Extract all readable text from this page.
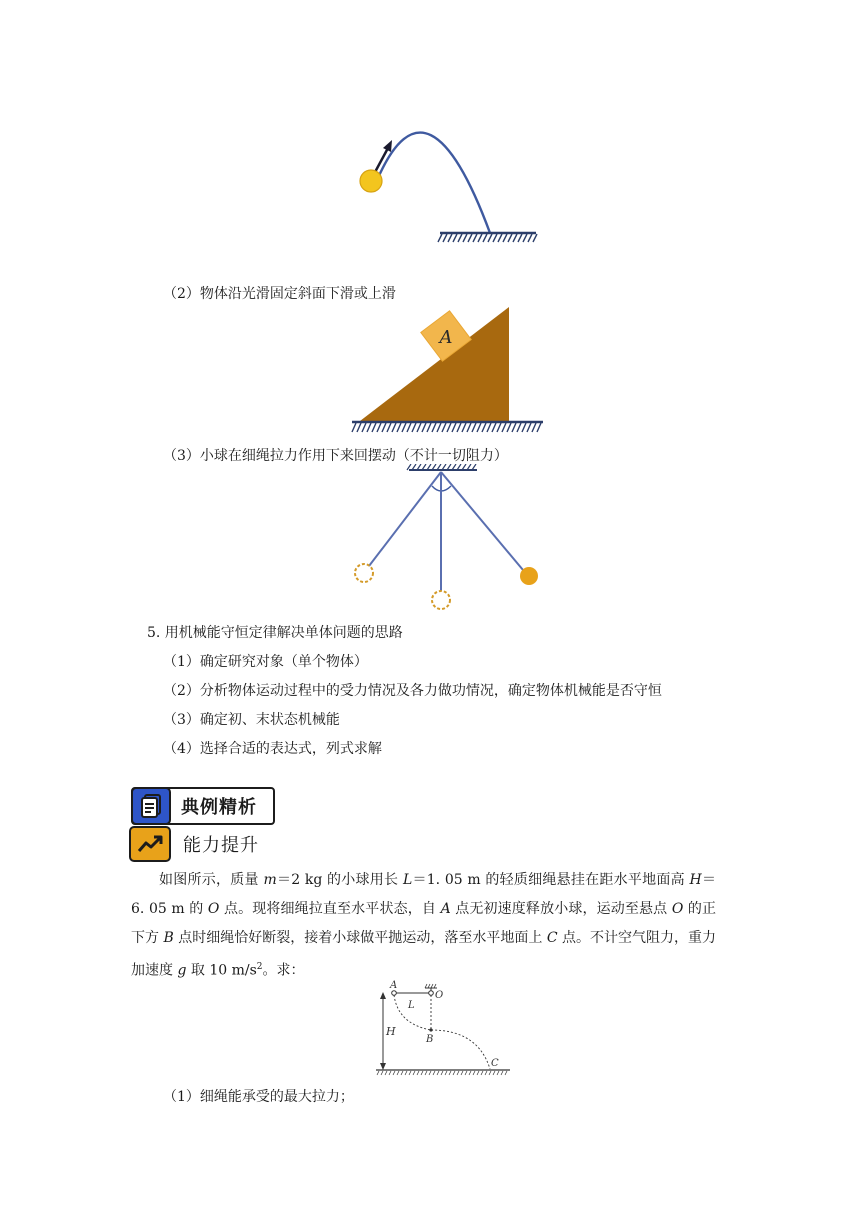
（2）物体沿光滑固定斜面下滑或上滑
A
（3）小球在细绳拉力作用下来回摆动（不计一切阻力）
5. 用机械能守恒定律解决单体问题的思路
（1）确定研究对象（单个物体）
（2）分析物体运动过程中的受力情况及各力做功情况，确定物体机械能是否守恒
（3）确定初、末状态机械能
（4）选择合适的表达式，列式求解
典例精析
能力提升
如图所示，质量 m＝2 kg 的小球用长 L＝1. 05 m 的轻质细绳悬挂在距水平地面高 H＝6. 05 m 的 O 点。现将细绳拉直至水平状态，自 A 点无初速度释放小球，运动至悬点 O 的正下方 B 点时细绳恰好断裂，接着小球做平抛运动，落至水平地面上 C 点。不计空气阻力，重力加速度 g 取 10 $m/s^2$。求：
H
A
O
L
B
C
（1）细绳能承受的最大拉力；
